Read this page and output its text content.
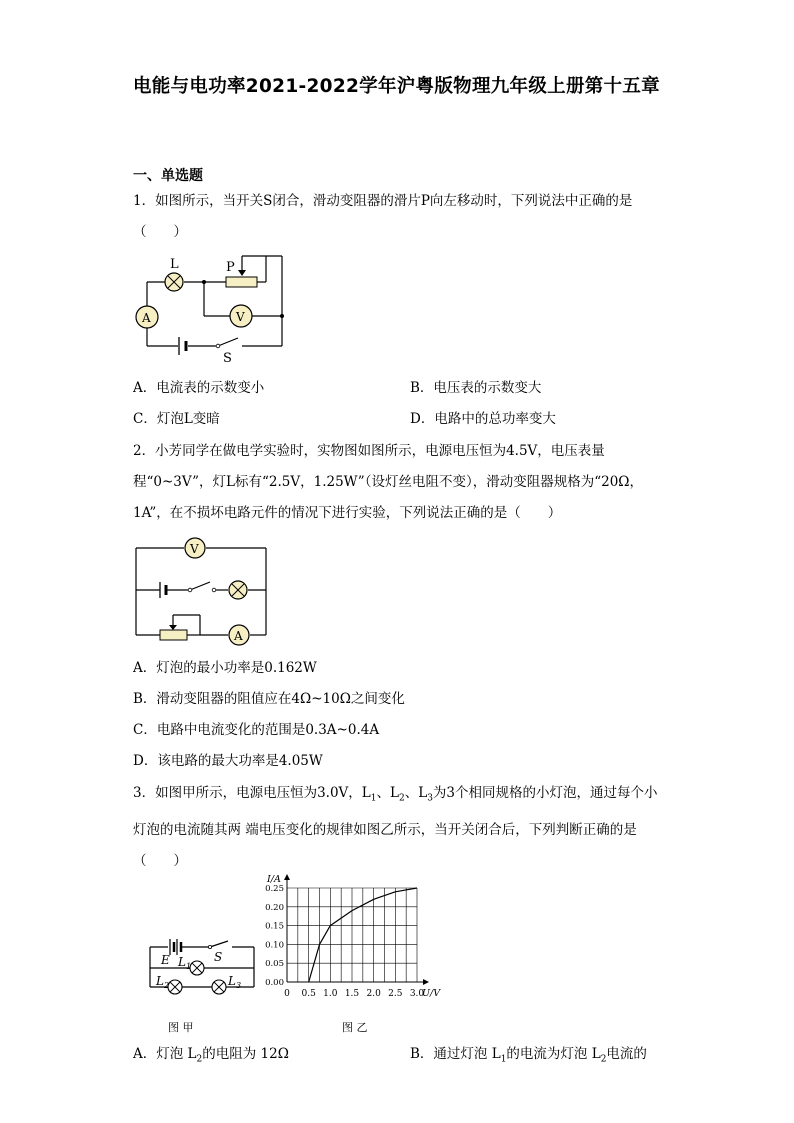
电能与电功率2021-2022学年沪粤版物理九年级上册第十五章
一、单选题
1．如图所示，当开关S闭合，滑动变阻器的滑片P向左移动时，下列说法中正确的是（　　）
L	P
A	V
S
A．电流表的示数变小	B．电压表的示数变大
C．灯泡L变暗	D．电路中的总功率变大
2．小芳同学在做电学实验时，实物图如图所示，电源电压恒为4.5V，电压表量程“0~3V”，灯L标有“2.5V，1.25W”（设灯丝电阻不变），滑动变阻器规格为“20Ω，1A”，在不损坏电路元件的情况下进行实验，下列说法正确的是（　　）
V
A
A．灯泡的最小功率是0.162W
B．滑动变阻器的阻值应在4Ω~10Ω之间变化
C．电路中电流变化的范围是0.3A~0.4A
D．该电路的最大功率是4.05W
3．如图甲所示，电源电压恒为3.0V，$L_1$、$L_2$、$L_3$为3个相同规格的小灯泡，通过每个小灯泡的电流随其两 端电压变化的规律如图乙所示，当开关闭合后，下列判断正确的是（　　）
E	S
$L_1$
$L_2$	$L_3$
图 甲
0 0.5 1.0 1.5 2.0 2.5 3.0
0.00
0.05
0.10
0.15
0.20
0.25
U/V
I/A
图 乙
A．灯泡 $L_2$的电阻为 12Ω	B．通过灯泡 $L_1$的电流为灯泡 $L_2$电流的
